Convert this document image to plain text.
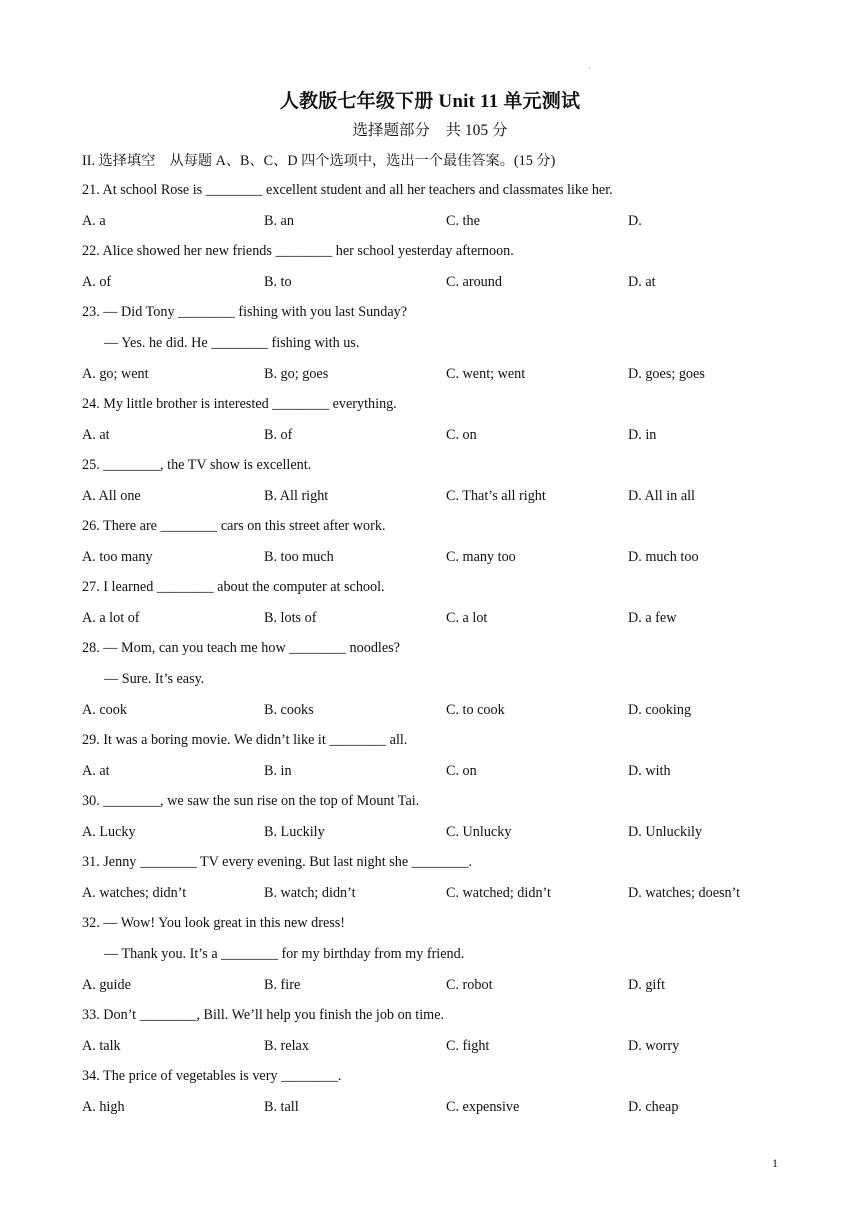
·
人教版七年级下册 Unit 11 单元测试
选择题部分　共 105 分
II. 选择填空　从每题 A、B、C、D 四个选项中，选出一个最佳答案。(15 分)
21. At school Rose is ________ excellent student and all her teachers and classmates like her.
A. a	B. an	C. the	D.
22. Alice showed her new friends ________ her school yesterday afternoon.
A. of	B. to	C. around	D. at
23. — Did Tony ________ fishing with you last Sunday?
— Yes. he did. He ________ fishing with us.
A. go; went	B. go; goes	C. went; went	D. goes; goes
24. My little brother is interested ________ everything.
A. at	B. of	C. on	D. in
25. ________, the TV show is excellent.
A. All one	B. All right	C. That’s all right	D. All in all
26. There are ________ cars on this street after work.
A. too many	B. too much	C. many too	D. much too
27. I learned ________ about the computer at school.
A. a lot of	B. lots of	C. a lot	D. a few
28. — Mom, can you teach me how ________ noodles?
— Sure. It’s easy.
A. cook	B. cooks	C. to cook	D. cooking
29. It was a boring movie. We didn’t like it ________ all.
A. at	B. in	C. on	D. with
30. ________, we saw the sun rise on the top of Mount Tai.
A. Lucky	B. Luckily	C. Unlucky	D. Unluckily
31. Jenny ________ TV every evening. But last night she ________.
A. watches; didn’t	B. watch; didn’t	C. watched; didn’t	D. watches; doesn’t
32. — Wow! You look great in this new dress!
— Thank you. It’s a ________ for my birthday from my friend.
A. guide	B. fire	C. robot	D. gift
33. Don’t ________, Bill. We’ll help you finish the job on time.
A. talk	B. relax	C. fight	D. worry
34. The price of vegetables is very ________.
A. high	B. tall	C. expensive	D. cheap
1
